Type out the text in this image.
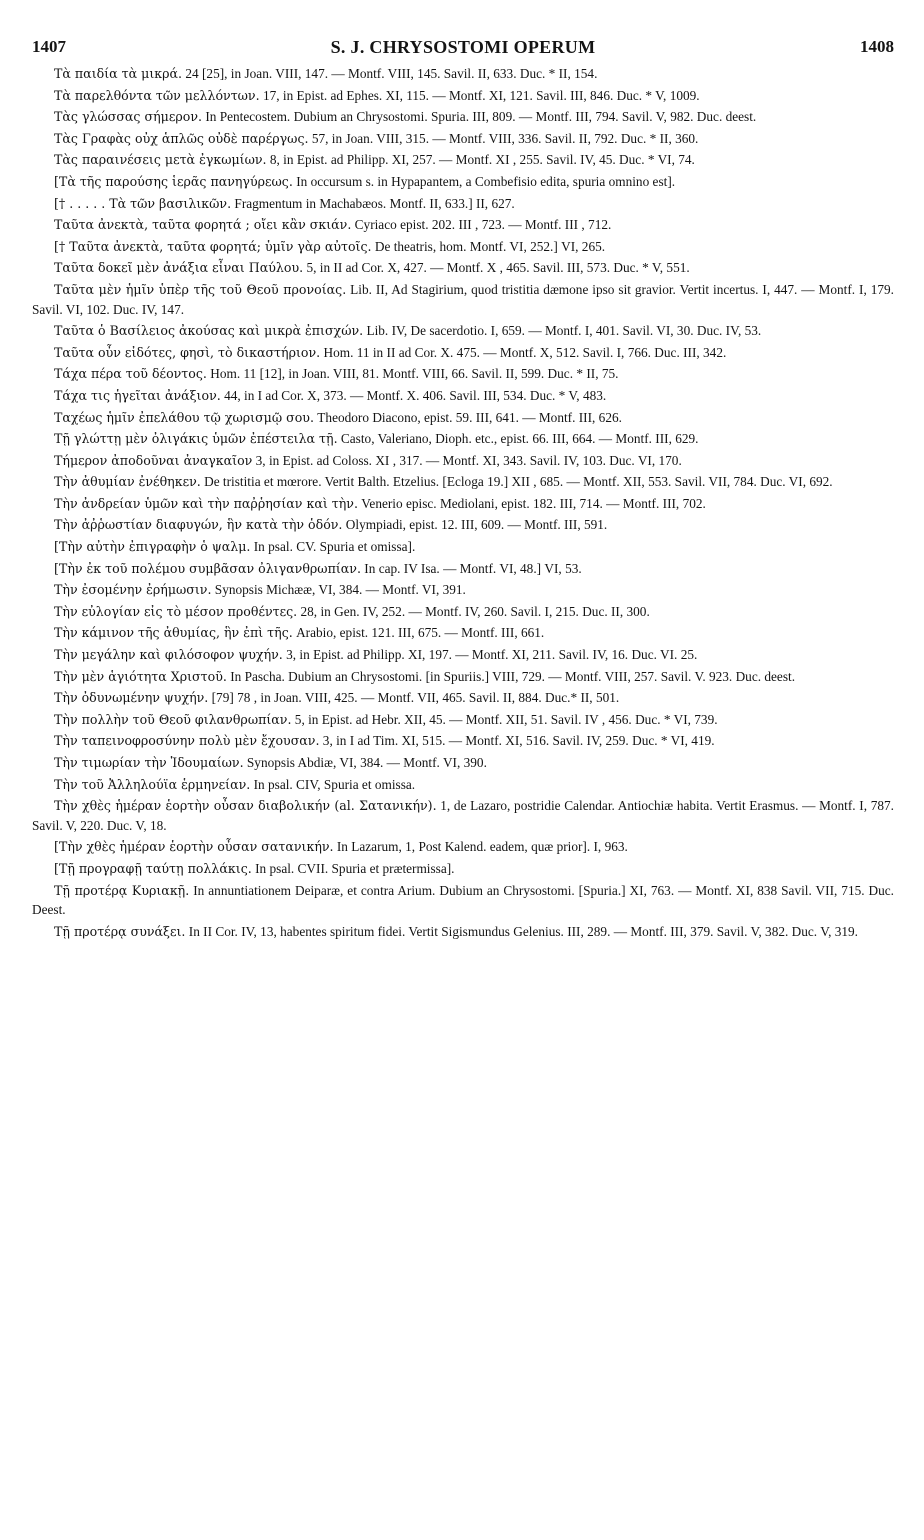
1407	S. J. CHRYSOSTOMI OPERUM	1408

Τὰ παιδία τὰ μικρά. 24 [25], in Joan. VIII, 147. — Montf. VIII, 145. Savil. II, 633. Duc. * II, 154.

Τὰ παρελθόντα τῶν μελλόντων. 17, in Epist. ad Ephes. XI, 115. — Montf. XI, 121. Savil. III, 846. Duc. * V, 1009.

Τὰς γλώσσας σήμερον. In Pentecostem. Dubium an Chrysostomi. Spuria. III, 809. — Montf. III, 794. Savil. V, 982. Duc. deest.

Τὰς Γραφὰς οὐχ ἁπλῶς οὐδὲ παρέργως. 57, in Joan. VIII, 315. — Montf. VIII, 336. Savil. II, 792. Duc. * II, 360.

Τὰς παραινέσεις μετὰ ἐγκωμίων. 8, in Epist. ad Philipp. XI, 257. — Montf. XI , 255. Savil. IV, 45. Duc. * VI, 74.

[Τὰ τῆς παρούσης ἱερᾶς πανηγύρεως. In occursum s. in Hypapantem, a Combefisio edita, spuria omnino est].

[† . . . . . Τὰ τῶν βασιλικῶν. Fragmentum in Machabæos. Montf. II, 633.] II, 627.

Ταῦτα ἀνεκτὰ, ταῦτα φορητά ; οἴει κἂν σκιάν. Cyriaco epist. 202. III , 723. — Montf. III , 712.

[† Ταῦτα ἀνεκτὰ, ταῦτα φορητά; ὑμῖν γὰρ αὐτοῖς. De theatris, hom. Montf. VI, 252.] VI, 265.

Ταῦτα δοκεῖ μὲν ἀνάξια εἶναι Παύλου. 5, in II ad Cor. X, 427. — Montf. X , 465. Savil. III, 573. Duc. * V, 551.

Ταῦτα μὲν ἡμῖν ὑπὲρ τῆς τοῦ Θεοῦ προνοίας. Lib. II, Ad Stagirium, quod tristitia dæmone ipso sit gravior. Vertit incertus. I, 447. — Montf. I, 179. Savil. VI, 102. Duc. IV, 147.

Ταῦτα ὁ Βασίλειος ἀκούσας καὶ μικρὰ ἐπισχών. Lib. IV, De sacerdotio. I, 659. — Montf. I, 401. Savil. VI, 30. Duc. IV, 53.

Ταῦτα οὖν εἰδότες, φησὶ, τὸ δικαστήριον. Hom. 11 in II ad Cor. X. 475. — Montf. X, 512. Savil. I, 766. Duc. III, 342.

Τάχα πέρα τοῦ δέοντος. Hom. 11 [12], in Joan. VIII, 81. Montf. VIII, 66. Savil. II, 599. Duc. * II, 75.

Τάχα τις ἡγεῖται ἀνάξιον. 44, in I ad Cor. X, 373. — Montf. X. 406. Savil. III, 534. Duc. * V, 483.

Ταχέως ἡμῖν ἐπελάθου τῷ χωρισμῷ σου. Theodoro Diacono, epist. 59. III, 641. — Montf. III, 626.

Τῇ γλώττῃ μὲν ὀλιγάκις ὑμῶν ἐπέστειλα τῇ. Casto, Valeriano, Dioph. etc., epist. 66. III, 664. — Montf. III, 629.

Τήμερον ἀποδοῦναι ἀναγκαῖον 3, in Epist. ad Coloss. XI , 317. — Montf. XI, 343. Savil. IV, 103. Duc. VI, 170.

Τὴν ἀθυμίαν ἐνέθηκεν. De tristitia et mœrore. Vertit Balth. Etzelius. [Ecloga 19.] XII , 685. — Montf. XII, 553. Savil. VII, 784. Duc. VI, 692.

Τὴν ἀνδρείαν ὑμῶν καὶ τὴν παῤῥησίαν καὶ τὴν. Venerio episc. Mediolani, epist. 182. III, 714. — Montf. III, 702.

Τὴν ἀῤῥωστίαν διαφυγών, ἣν κατὰ τὴν ὁδόν. Olympiadi, epist. 12. III, 609. — Montf. III, 591.

[Τὴν αὐτὴν ἐπιγραφὴν ὁ ψαλμ. In psal. CV. Spuria et omissa].

[Τὴν ἐκ τοῦ πολέμου συμβᾶσαν ὀλιγανθρωπίαν. In cap. IV Isa. — Montf. VI, 48.] VI, 53.

Τὴν ἐσομένην ἐρήμωσιν. Synopsis Michææ, VI, 384. — Montf. VI, 391.

Τὴν εὐλογίαν εἰς τὸ μέσον προθέντες. 28, in Gen. IV, 252. — Montf. IV, 260. Savil. I, 215. Duc. II, 300.

Τὴν κάμινον τῆς ἀθυμίας, ἣν ἐπὶ τῆς. Arabio, epist. 121. III, 675. — Montf. III, 661.

Τὴν μεγάλην καὶ φιλόσοφον ψυχήν. 3, in Epist. ad Philipp. XI, 197. — Montf. XI, 211. Savil. IV, 16. Duc. VI. 25.

Τὴν μὲν ἁγιότητα Χριστοῦ. In Pascha. Dubium an Chrysostomi. [in Spuriis.] VIII, 729. — Montf. VIII, 257. Savil. V. 923. Duc. deest.

Τὴν ὀδυνωμένην ψυχήν. [79] 78 , in Joan. VIII, 425. — Montf. VII, 465. Savil. II, 884. Duc.* II, 501.

Τὴν πολλὴν τοῦ Θεοῦ φιλανθρωπίαν. 5, in Epist. ad Hebr. XII, 45. — Montf. XII, 51. Savil. IV , 456. Duc. * VI, 739.

Τὴν ταπεινοφροσύνην πολὺ μὲν ἔχουσαν. 3, in I ad Tim. XI, 515. — Montf. XI, 516. Savil. IV, 259. Duc. * VI, 419.

Τὴν τιμωρίαν τὴν Ἰδουμαίων. Synopsis Abdiæ, VI, 384. — Montf. VI, 390.

Τὴν τοῦ Ἀλληλούϊα ἑρμηνείαν. In psal. CIV, Spuria et omissa.

Τὴν χθὲς ἡμέραν ἑορτὴν οὖσαν διαβολικήν (al. Σατανικήν). 1, de Lazaro, postridie Calendar. Antiochiæ habita. Vertit Erasmus. — Montf. I, 787. Savil. V, 220. Duc. V, 18.

[Τὴν χθὲς ἡμέραν ἑορτὴν οὖσαν σατανικήν. In Lazarum, 1, Post Kalend. eadem, quæ prior]. I, 963.

[Τῇ προγραφῇ ταύτῃ πολλάκις. In psal. CVII. Spuria et prætermissa].

Τῇ προτέρᾳ Κυριακῇ. In annuntiationem Deiparæ, et contra Arium. Dubium an Chrysostomi. [Spuria.] XI, 763. — Montf. XI, 838 Savil. VII, 715. Duc. Deest.

Τῇ προτέρᾳ συνάξει. In II Cor. IV, 13, habentes spiritum fidei. Vertit Sigismundus Gelenius. III, 289. — Montf. III, 379. Savil. V, 382. Duc. V, 319.
